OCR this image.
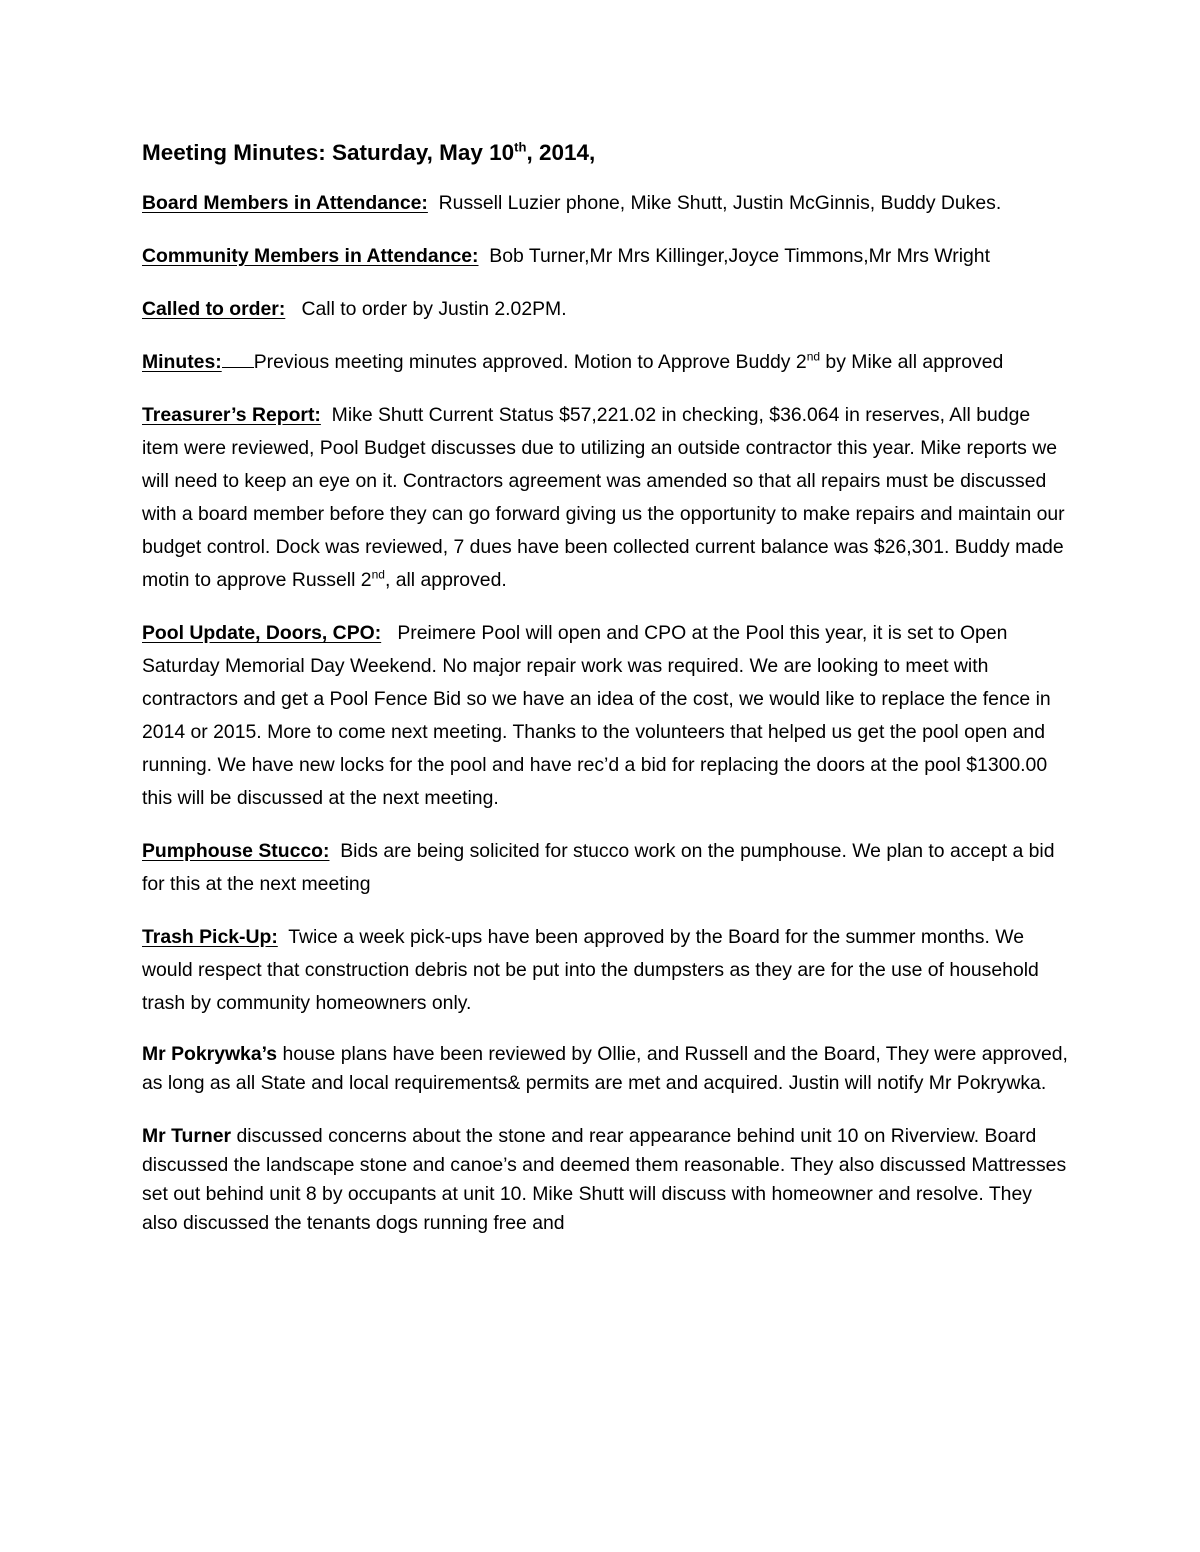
Meeting Minutes: Saturday, May 10th, 2014,

Board Members in Attendance: Russell Luzier phone, Mike Shutt, Justin McGinnis, Buddy Dukes.

Community Members in Attendance: Bob Turner,Mr Mrs Killinger,Joyce Timmons,Mr Mrs Wright

Called to order: Call to order by Justin 2.02PM.

Minutes: Previous meeting minutes approved. Motion to Approve Buddy 2nd by Mike all approved

Treasurer’s Report: Mike Shutt Current Status $57,221.02 in checking, $36.064 in reserves, All budge item were reviewed, Pool Budget discusses due to utilizing an outside contractor this year. Mike reports we will need to keep an eye on it. Contractors agreement was amended so that all repairs must be discussed with a board member before they can go forward giving us the opportunity to make repairs and maintain our budget control. Dock was reviewed, 7 dues have been collected current balance was $26,301. Buddy made motin to approve Russell 2nd, all approved.

Pool Update, Doors, CPO: Preimere Pool will open and CPO at the Pool this year, it is set to Open Saturday Memorial Day Weekend. No major repair work was required. We are looking to meet with contractors and get a Pool Fence Bid so we have an idea of the cost, we would like to replace the fence in 2014 or 2015. More to come next meeting. Thanks to the volunteers that helped us get the pool open and running. We have new locks for the pool and have rec’d a bid for replacing the doors at the pool $1300.00 this will be discussed at the next meeting.

Pumphouse Stucco: Bids are being solicited for stucco work on the pumphouse. We plan to accept a bid for this at the next meeting

Trash Pick-Up: Twice a week pick-ups have been approved by the Board for the summer months. We would respect that construction debris not be put into the dumpsters as they are for the use of household trash by community homeowners only.

Mr Pokrywka’s house plans have been reviewed by Ollie, and Russell and the Board, They were approved, as long as all State and local requirements& permits are met and acquired. Justin will notify Mr Pokrywka.

Mr Turner discussed concerns about the stone and rear appearance behind unit 10 on Riverview. Board discussed the landscape stone and canoe’s and deemed them reasonable. They also discussed Mattresses set out behind unit 8 by occupants at unit 10. Mike Shutt will discuss with homeowner and resolve. They also discussed the tenants dogs running free and
